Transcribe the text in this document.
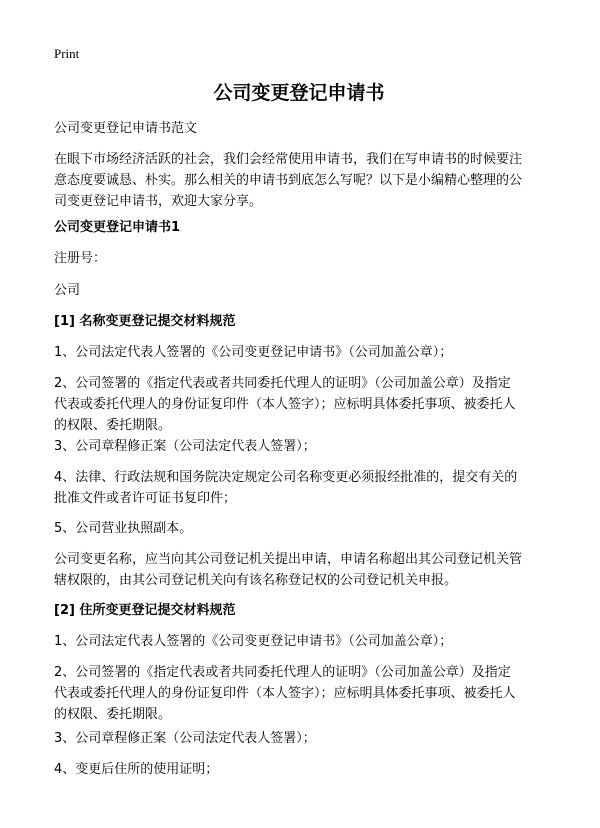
Print
公司变更登记申请书
公司变更登记申请书范文
在眼下市场经济活跃的社会，我们会经常使用申请书，我们在写申请书的时候要注
意态度要诚恳、朴实。那么相关的申请书到底怎么写呢？以下是小编精心整理的公
司变更登记申请书，欢迎大家分享。
公司变更登记申请书1
注册号：
公司
[1] 名称变更登记提交材料规范
1、公司法定代表人签署的《公司变更登记申请书》（公司加盖公章）；
2、公司签署的《指定代表或者共同委托代理人的证明》（公司加盖公章）及指定
代表或委托代理人的身份证复印件（本人签字）；应标明具体委托事项、被委托人
的权限、委托期限。
3、公司章程修正案（公司法定代表人签署）；
4、法律、行政法规和国务院决定规定公司名称变更必须报经批准的，提交有关的
批准文件或者许可证书复印件；
5、公司营业执照副本。
公司变更名称，应当向其公司登记机关提出申请，申请名称超出其公司登记机关管
辖权限的，由其公司登记机关向有该名称登记权的公司登记机关申报。
[2] 住所变更登记提交材料规范
1、公司法定代表人签署的《公司变更登记申请书》（公司加盖公章）；
2、公司签署的《指定代表或者共同委托代理人的证明》（公司加盖公章）及指定
代表或委托代理人的身份证复印件（本人签字）；应标明具体委托事项、被委托人
的权限、委托期限。
3、公司章程修正案（公司法定代表人签署）；
4、变更后住所的使用证明；
